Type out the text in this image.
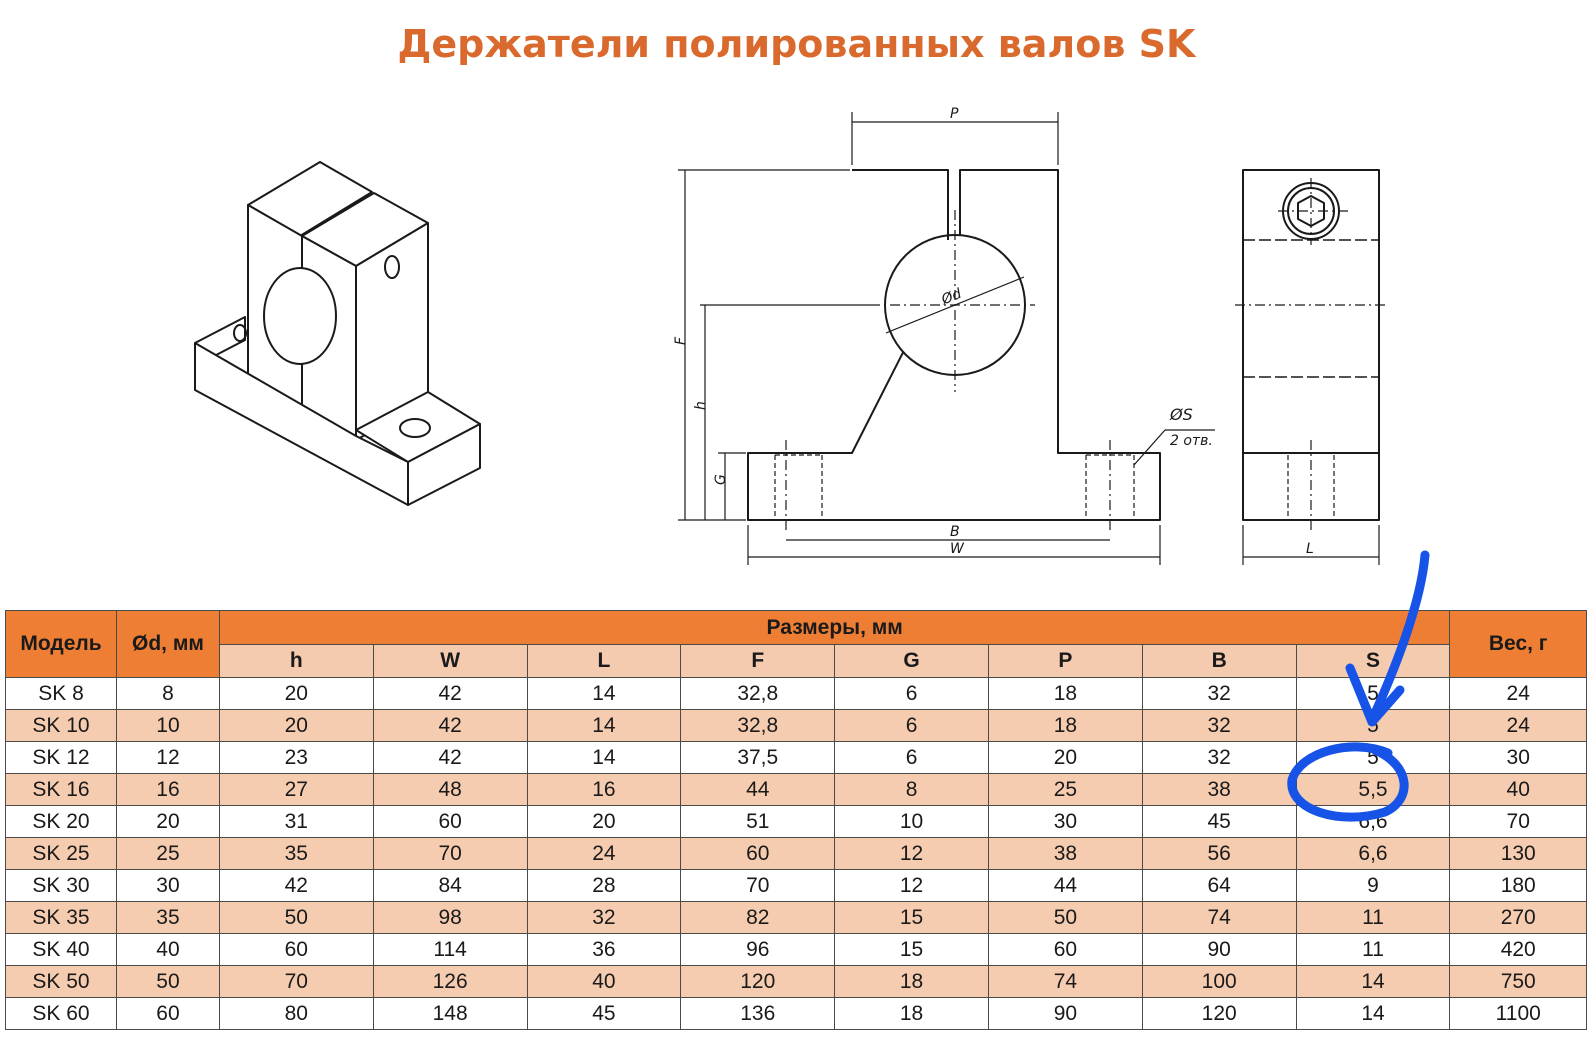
Держатели полированных валов SK
P
Ød
F
h
G
ØS
2 отв.
B
W	L
Модель	Ød, мм	Размеры, мм								Вес, г
		h	W	L	F	G	P	B	S	
SK 8	8	20	42	14	32,8	6	18	32	5	24
SK 10	10	20	42	14	32,8	6	18	32	5	24
SK 12	12	23	42	14	37,5	6	20	32	5	30
SK 16	16	27	48	16	44	8	25	38	5,5	40
SK 20	20	31	60	20	51	10	30	45	6,6	70
SK 25	25	35	70	24	60	12	38	56	6,6	130
SK 30	30	42	84	28	70	12	44	64	9	180
SK 35	35	50	98	32	82	15	50	74	11	270
SK 40	40	60	114	36	96	15	60	90	11	420
SK 50	50	70	126	40	120	18	74	100	14	750
SK 60	60	80	148	45	136	18	90	120	14	1100
